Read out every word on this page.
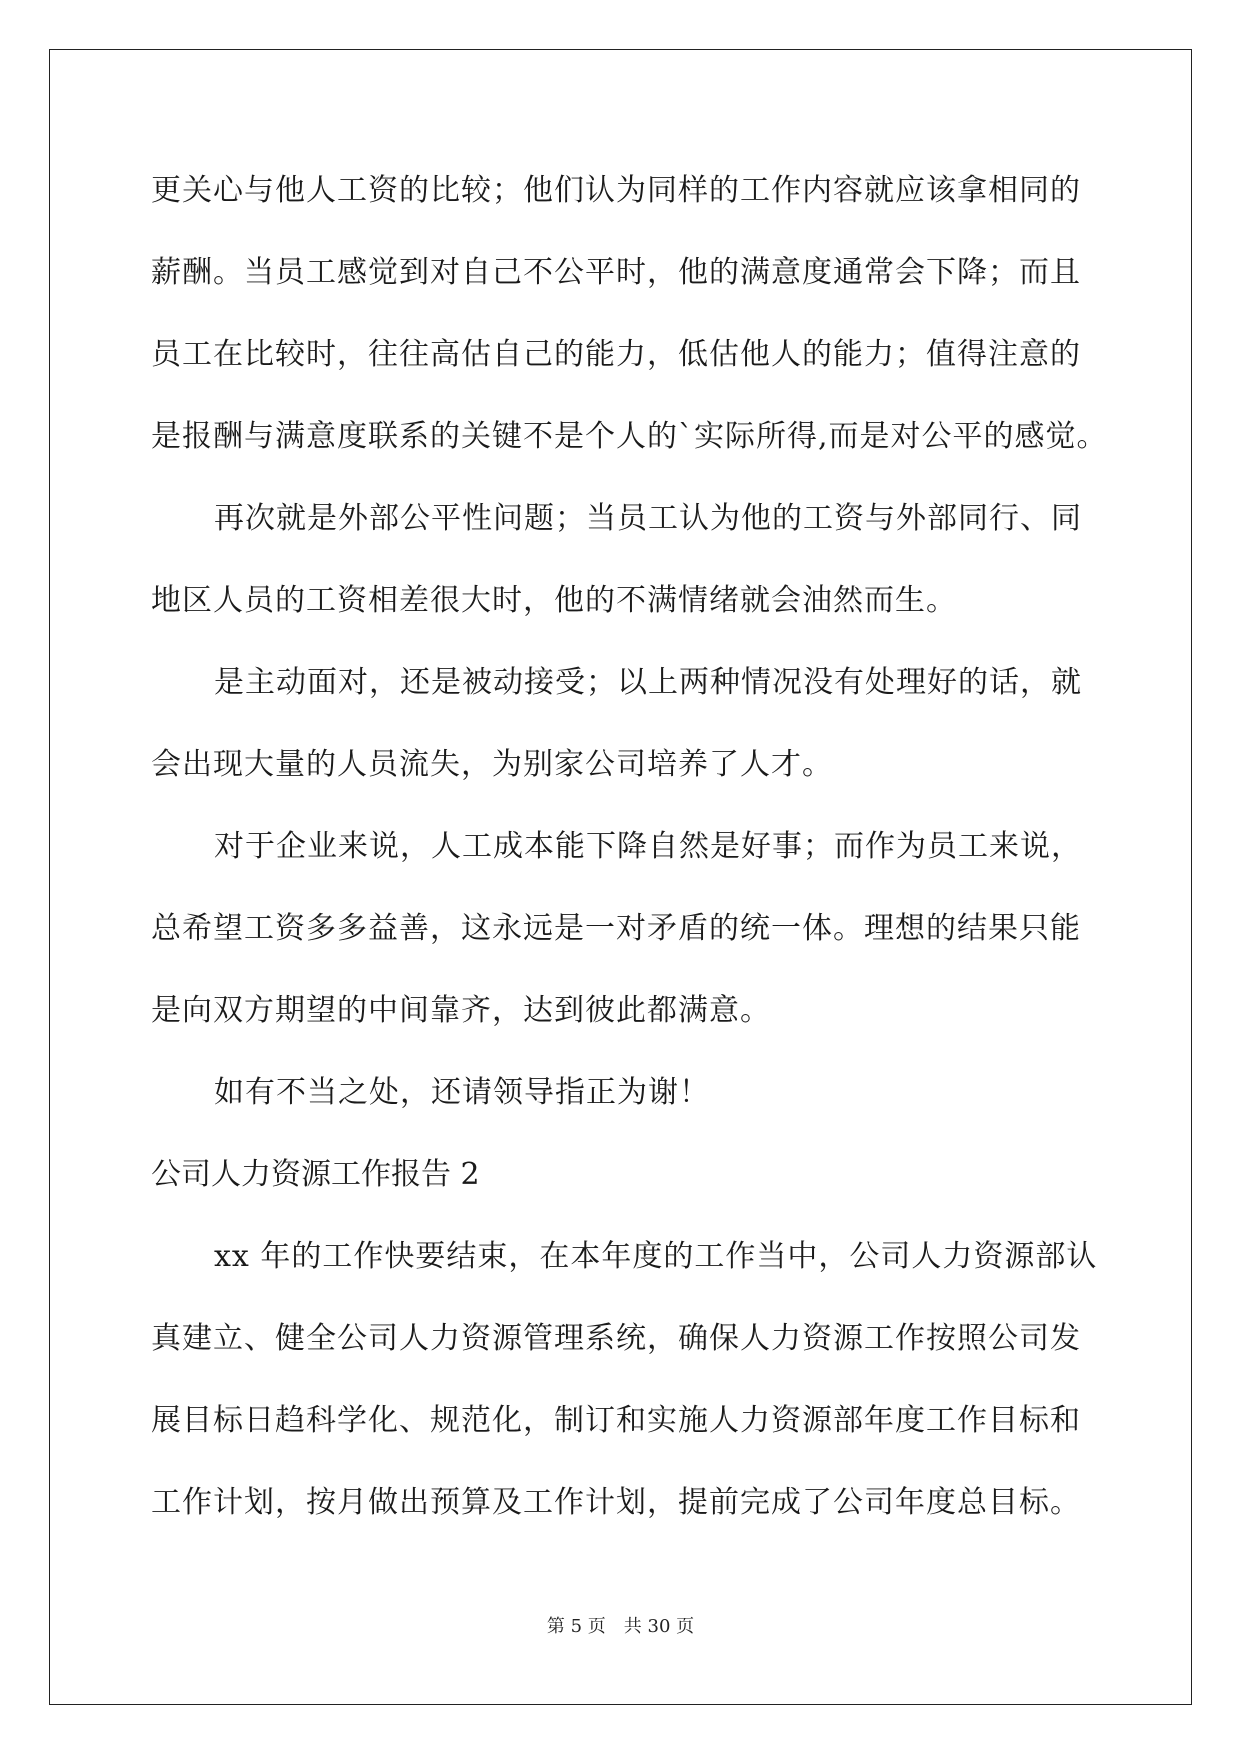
更关心与他人工资的比较；他们认为同样的工作内容就应该拿相同的

薪酬。当员工感觉到对自己不公平时，他的满意度通常会下降；而且

员工在比较时，往往高估自己的能力，低估他人的能力；值得注意的

是报酬与满意度联系的关键不是个人的`实际所得,而是对公平的感觉。

再次就是外部公平性问题；当员工认为他的工资与外部同行、同

地区人员的工资相差很大时，他的不满情绪就会油然而生。

是主动面对，还是被动接受；以上两种情况没有处理好的话，就

会出现大量的人员流失，为别家公司培养了人才。

对于企业来说，人工成本能下降自然是好事；而作为员工来说，

总希望工资多多益善，这永远是一对矛盾的统一体。理想的结果只能

是向双方期望的中间靠齐，达到彼此都满意。

如有不当之处，还请领导指正为谢！

公司人力资源工作报告 2

xx 年的工作快要结束，在本年度的工作当中，公司人力资源部认

真建立、健全公司人力资源管理系统，确保人力资源工作按照公司发

展目标日趋科学化、规范化，制订和实施人力资源部年度工作目标和

工作计划，按月做出预算及工作计划，提前完成了公司年度总目标。

第 5 页　共 30 页
